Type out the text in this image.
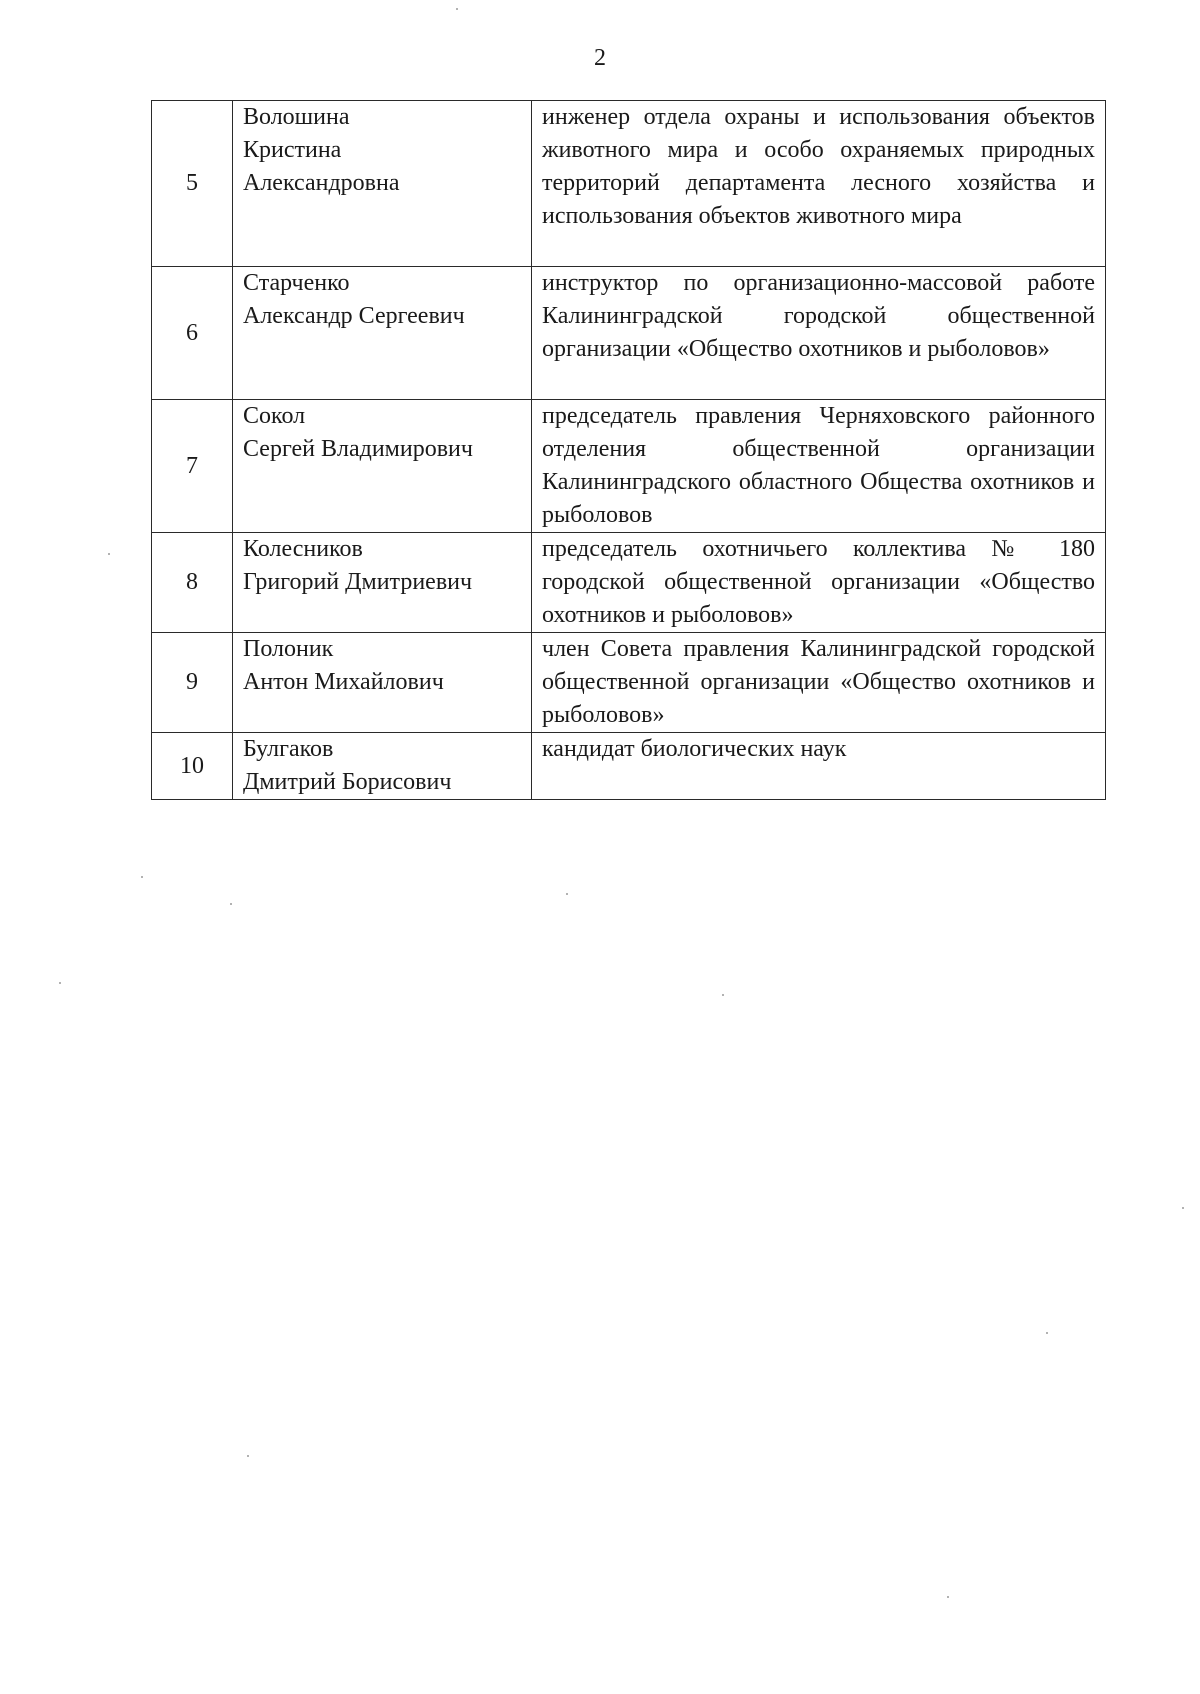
2
5	Волошина
Кристина
Александровна	инженер отдела охраны и использования объектов животного мира и особо охраняемых природных территорий департамента лесного хозяйства и использования объектов животного мира

6	Старченко
Александр Сергеевич	инструктор по организационно-массовой работе Калининградской городской общественной организации «Общество охотников и рыболовов»

7	Сокол
Сергей Владимирович	председатель правления Черняховского районного отделения общественной организации Калининградского областного Общества охотников и рыболовов

8	Колесников
Григорий Дмитриевич	председатель охотничьего коллектива № 180 городской общественной организации «Общество охотников и рыболовов»

9	Полоник
Антон Михайлович	член Совета правления Калининградской городской общественной организации «Общество охотников и рыболовов»

10	Булгаков
Дмитрий Борисович	кандидат биологических наук
